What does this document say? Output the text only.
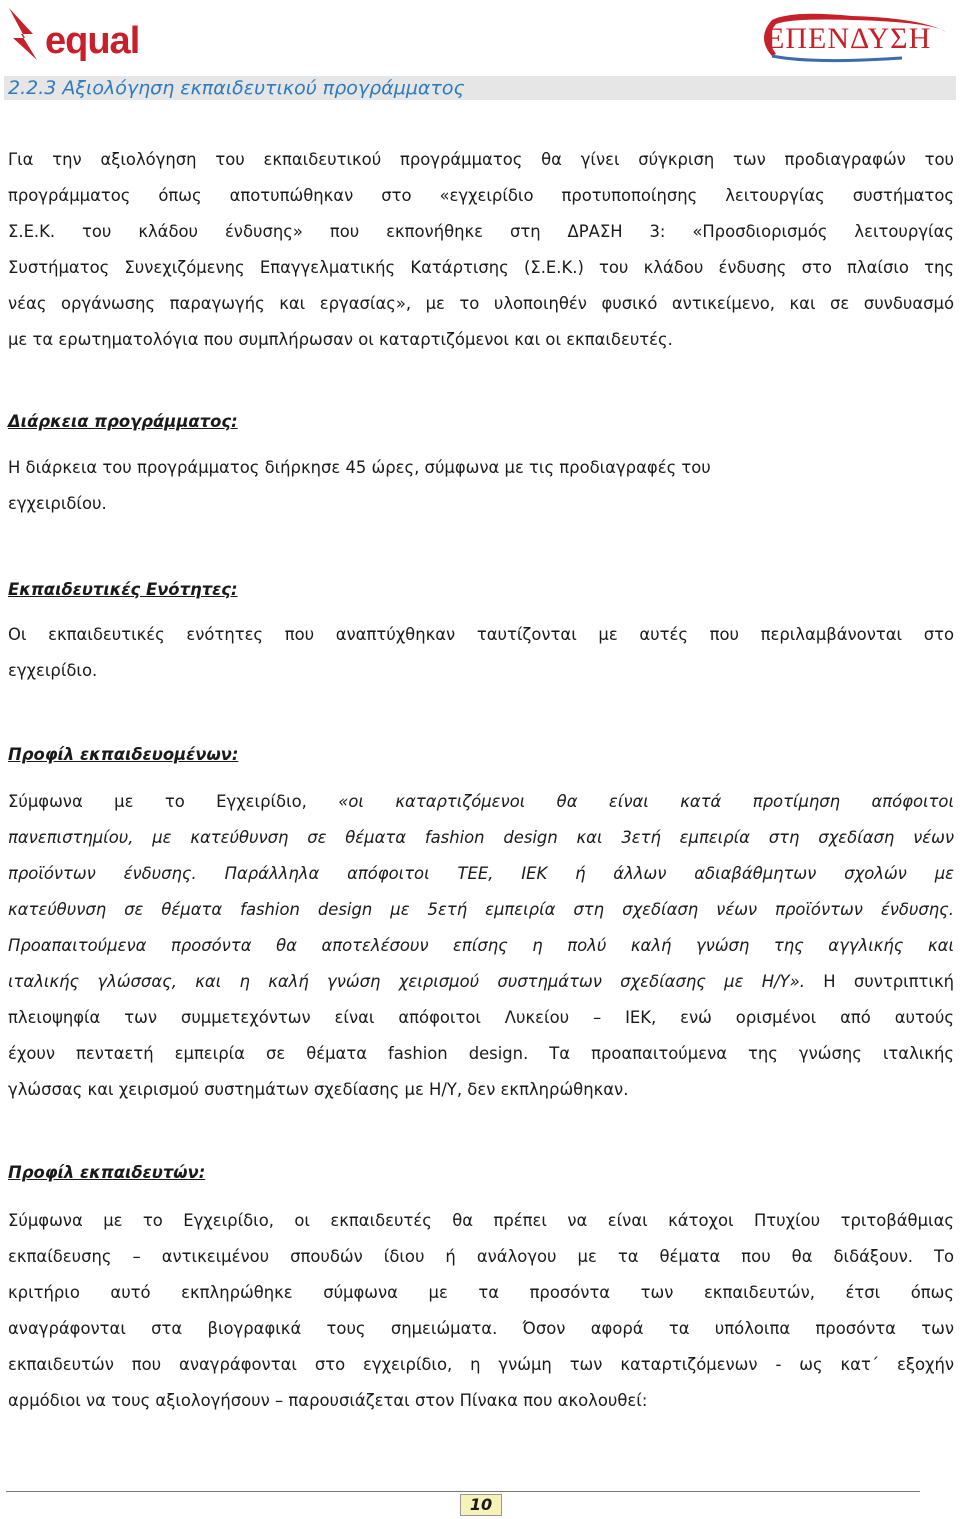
equal	ΕΠΕΝΔΥΣΗ
2.2.3 Αξιολόγηση εκπαιδευτικού προγράμματος
Για την αξιολόγηση του εκπαιδευτικού προγράμματος θα γίνει σύγκριση των προδιαγραφών του
προγράμματος όπως αποτυπώθηκαν στο «εγχειρίδιο προτυποποίησης λειτουργίας συστήματος
Σ.Ε.Κ. του κλάδου ένδυσης» που εκπονήθηκε στη ΔΡΑΣΗ 3: «Προσδιορισμός λειτουργίας
Συστήματος Συνεχιζόμενης Επαγγελματικής Κατάρτισης (Σ.Ε.Κ.) του κλάδου ένδυσης στο πλαίσιο της
νέας οργάνωσης παραγωγής και εργασίας», με το υλοποιηθέν φυσικό αντικείμενο, και σε συνδυασμό
με τα ερωτηματολόγια που συμπλήρωσαν οι καταρτιζόμενοι και οι εκπαιδευτές.
Διάρκεια προγράμματος:
Η διάρκεια του προγράμματος διήρκησε 45 ώρες, σύμφωνα με τις προδιαγραφές του
εγχειριδίου.
Εκπαιδευτικές Ενότητες:
Οι εκπαιδευτικές ενότητες που αναπτύχθηκαν ταυτίζονται με αυτές που περιλαμβάνονται στο
εγχειρίδιο.
Προφίλ εκπαιδευομένων:
Σύμφωνα με το Εγχειρίδιο, «οι καταρτιζόμενοι θα είναι κατά προτίμηση απόφοιτοι
πανεπιστημίου, με κατεύθυνση σε θέματα fashion design και 3ετή εμπειρία στη σχεδίαση νέων
προϊόντων ένδυσης. Παράλληλα απόφοιτοι ΤΕΕ, ΙΕΚ ή άλλων αδιαβάθμητων σχολών με
κατεύθυνση σε θέματα fashion design με 5ετή εμπειρία στη σχεδίαση νέων προϊόντων ένδυσης.
Προαπαιτούμενα προσόντα θα αποτελέσουν επίσης η πολύ καλή γνώση της αγγλικής και
ιταλικής γλώσσας, και η καλή γνώση χειρισμού συστημάτων σχεδίασης με Η/Υ». Η συντριπτική
πλειοψηφία των συμμετεχόντων είναι απόφοιτοι Λυκείου – ΙΕΚ, ενώ ορισμένοι από αυτούς
έχουν πενταετή εμπειρία σε θέματα fashion design. Τα προαπαιτούμενα της γνώσης ιταλικής
γλώσσας και χειρισμού συστημάτων σχεδίασης με Η/Υ, δεν εκπληρώθηκαν.
Προφίλ εκπαιδευτών:
Σύμφωνα με το Εγχειρίδιο, οι εκπαιδευτές θα πρέπει να είναι κάτοχοι Πτυχίου τριτοβάθμιας
εκπαίδευσης – αντικειμένου σπουδών ίδιου ή ανάλογου με τα θέματα που θα διδάξουν. Το
κριτήριο αυτό εκπληρώθηκε σύμφωνα με τα προσόντα των εκπαιδευτών, έτσι όπως
αναγράφονται στα βιογραφικά τους σημειώματα. Όσον αφορά τα υπόλοιπα προσόντα των
εκπαιδευτών που αναγράφονται στο εγχειρίδιο, η γνώμη των καταρτιζόμενων - ως κατ΄ εξοχήν
αρμόδιοι να τους αξιολογήσουν – παρουσιάζεται στον Πίνακα που ακολουθεί:
10
